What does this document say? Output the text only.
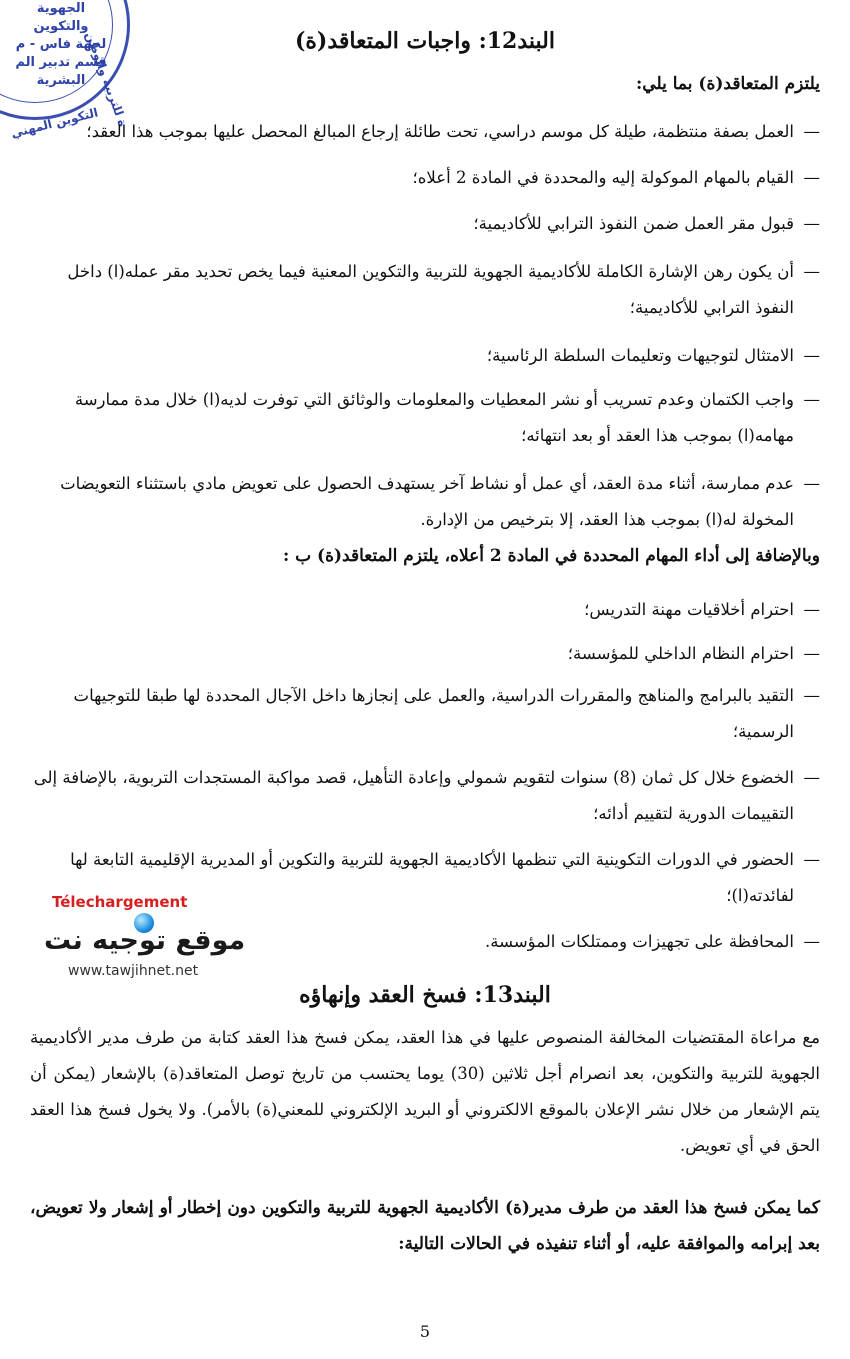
الجهوية
والتكوين
لجهة فاس - م
قسم تدبير الم
البشرية
ة للتربية والوطن
التكوين المهني
البند12: واجبات المتعاقد(ة)
يلتزم المتعاقد(ة) بما يلي:
—
العمل بصفة منتظمة، طيلة كل موسم دراسي، تحت طائلة إرجاع المبالغ المحصل عليها بموجب هذا العقد؛
—
القيام بالمهام الموكولة إليه والمحددة في المادة 2 أعلاه؛
—
قبول مقر العمل ضمن النفوذ الترابي للأكاديمية؛
—
أن يكون رهن الإشارة الكاملة للأكاديمية الجهوية للتربية والتكوين المعنية فيما يخص تحديد مقر عمله(ا) داخل النفوذ الترابي للأكاديمية؛
—
الامتثال لتوجيهات وتعليمات السلطة الرئاسية؛
—
واجب الكتمان وعدم تسريب أو نشر المعطيات والمعلومات والوثائق التي توفرت لديه(ا) خلال مدة ممارسة مهامه(ا) بموجب هذا العقد أو بعد انتهائه؛
—
عدم ممارسة، أثناء مدة العقد، أي عمل أو نشاط آخر يستهدف الحصول على تعويض مادي باستثناء التعويضات المخولة له(ا) بموجب هذا العقد، إلا بترخيص من الإدارة.
وبالإضافة إلى أداء المهام المحددة في المادة 2 أعلاه، يلتزم المتعاقد(ة) ب :
—
احترام أخلاقيات مهنة التدريس؛
—
احترام النظام الداخلي للمؤسسة؛
—
التقيد بالبرامج والمناهج والمقررات الدراسية، والعمل على إنجازها داخل الآجال المحددة لها طبقا للتوجيهات الرسمية؛
—
الخضوع خلال كل ثمان (8) سنوات لتقويم شمولي وإعادة التأهيل، قصد مواكبة المستجدات التربوية، بالإضافة إلى التقييمات الدورية لتقييم أدائه؛
—
الحضور في الدورات التكوينية التي تنظمها الأكاديمية الجهوية للتربية والتكوين أو المديرية الإقليمية التابعة لها لفائدته(ا)؛
—
المحافظة على تجهيزات وممتلكات المؤسسة.
البند13: فسخ العقد وإنهاؤه
مع مراعاة المقتضيات المخالفة المنصوص عليها في هذا العقد، يمكن فسخ هذا العقد كتابة من طرف مدير الأكاديمية الجهوية للتربية والتكوين، بعد انصرام أجل ثلاثين (30) يوما يحتسب من تاريخ توصل المتعاقد(ة) بالإشعار (يمكن أن يتم الإشعار من خلال نشر الإعلان بالموقع الالكتروني أو البريد الإلكتروني للمعني(ة) بالأمر). ولا يخول فسخ هذا العقد الحق في أي تعويض.
كما يمكن فسخ هذا العقد من طرف مدير(ة) الأكاديمية الجهوية للتربية والتكوين دون إخطار أو إشعار ولا تعويض، بعد إبرامه والموافقة عليه، أو أثناء تنفيذه في الحالات التالية:
Télechargement
موقع توجيه نت
www.tawjihnet.net
5
